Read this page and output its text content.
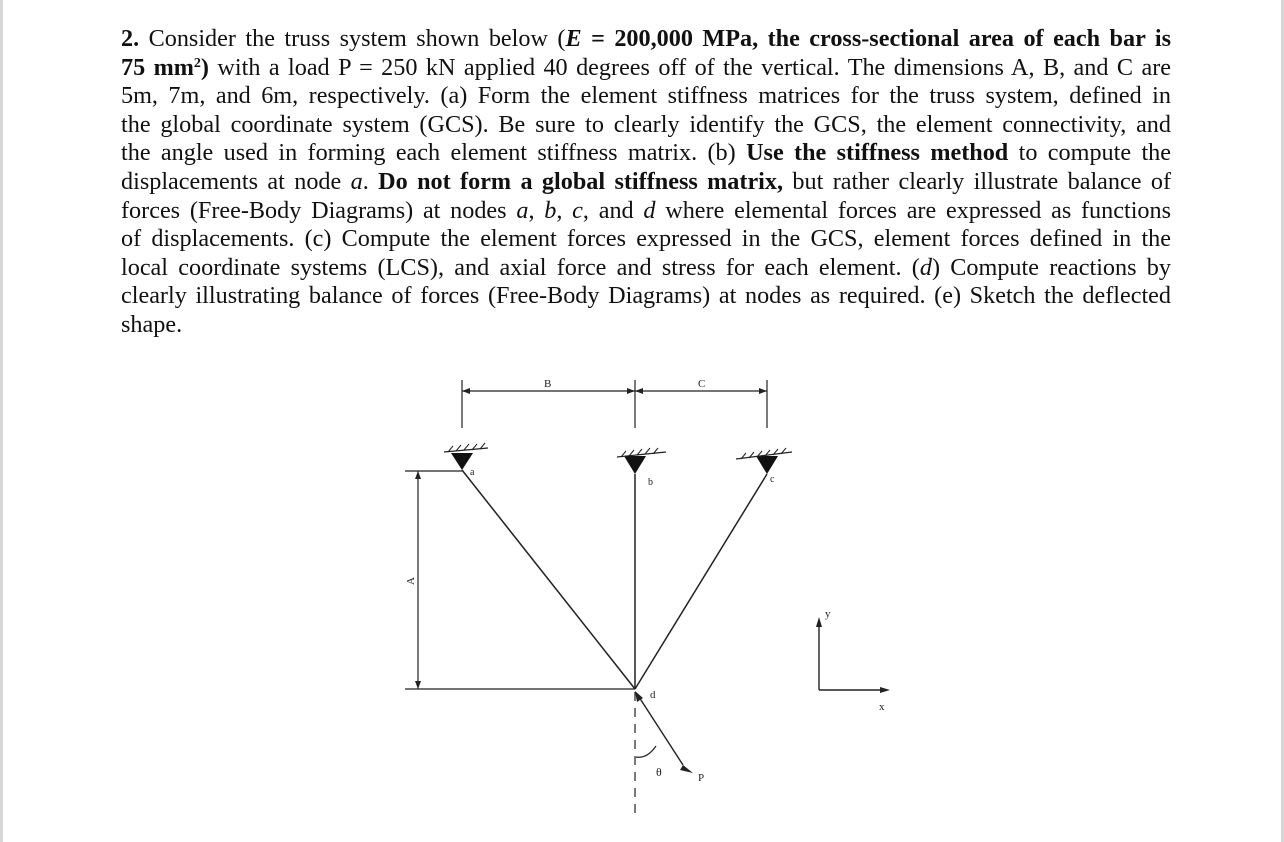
2. Consider the truss system shown below (E = 200,000 MPa, the cross-sectional area of each bar is
75 $mm^2$) with a load P = 250 kN applied 40 degrees off of the vertical. The dimensions A, B, and C are
5m, 7m, and 6m, respectively. (a) Form the element stiffness matrices for the truss system, defined in
the global coordinate system (GCS). Be sure to clearly identify the GCS, the element connectivity, and
the angle used in forming each element stiffness matrix. (b) Use the stiffness method to compute the
displacements at node a. Do not form a global stiffness matrix, but rather clearly illustrate balance of
forces (Free-Body Diagrams) at nodes a, b, c, and d where elemental forces are expressed as functions
of displacements. (c) Compute the element forces expressed in the GCS, element forces defined in the
local coordinate systems (LCS), and axial force and stress for each element. (d) Compute reactions by
clearly illustrating balance of forces (Free-Body Diagrams) at nodes as required. (e) Sketch the deflected
shape.
B	C
A
a
b	c
d
θ	P
y
x
